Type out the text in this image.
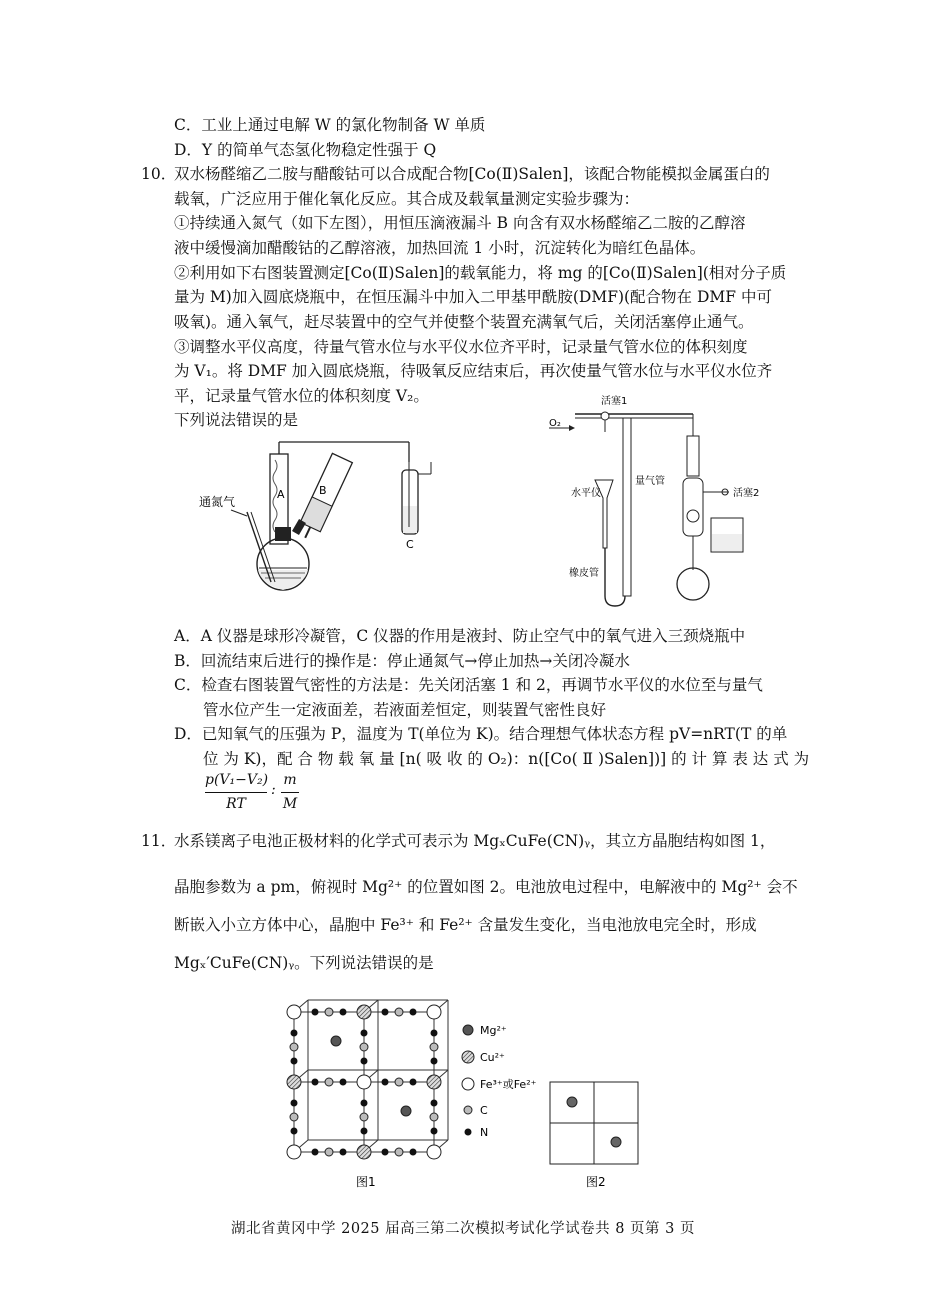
C．工业上通过电解 W 的氯化物制备 W 单质
D．Y 的简单气态氢化物稳定性强于 Q
10．
双水杨醛缩乙二胺与醋酸钴可以合成配合物[Co(Ⅱ)Salen]，该配合物能模拟金属蛋白的
载氧，广泛应用于催化氧化反应。其合成及载氧量测定实验步骤为：
①持续通入氮气（如下左图），用恒压滴液漏斗 B 向含有双水杨醛缩乙二胺的乙醇溶
液中缓慢滴加醋酸钴的乙醇溶液，加热回流 1 小时，沉淀转化为暗红色晶体。
②利用如下右图装置测定[Co(Ⅱ)Salen]的载氧能力，将 mg 的[Co(Ⅱ)Salen](相对分子质
量为 M)加入圆底烧瓶中，在恒压漏斗中加入二甲基甲酰胺(DMF)(配合物在 DMF 中可
吸氧)。通入氧气，赶尽装置中的空气并使整个装置充满氧气后，关闭活塞停止通气。
③调整水平仪高度，待量气管水位与水平仪水位齐平时，记录量气管水位的体积刻度
为 V₁。将 DMF 加入圆底烧瓶，待吸氧反应结束后，再次使量气管水位与水平仪水位齐
平，记录量气管水位的体积刻度 V₂。
下列说法错误的是
A	B
通氮气
C
活塞1
O₂
量气管
水平仪
橡皮管
活塞2
A．A 仪器是球形冷凝管，C 仪器的作用是液封、防止空气中的氧气进入三颈烧瓶中
B．回流结束后进行的操作是：停止通氮气→停止加热→关闭冷凝水
C．检查右图装置气密性的方法是：先关闭活塞 1 和 2，再调节水平仪的水位至与量气
管水位产生一定液面差，若液面差恒定，则装置气密性良好
D．已知氧气的压强为 P，温度为 T(单位为 K)。结合理想气体状态方程 pV=nRT(T 的单
位 为 K)，配 合 物 载 氧 量 [n( 吸 收 的 O₂)：n([Co( Ⅱ )Salen])] 的 计 算 表 达 式 为
p(V₁−V₂)
RT
:
m
M
11．
水系镁离子电池正极材料的化学式可表示为 MgₓCuFe(CN)ᵧ，其立方晶胞结构如图 1，
晶胞参数为 a pm，俯视时 Mg²⁺ 的位置如图 2。电池放电过程中，电解液中的 Mg²⁺ 会不
断嵌入小立方体中心，晶胞中 Fe³⁺ 和 Fe²⁺ 含量发生变化，当电池放电完全时，形成
Mgₓ′CuFe(CN)ᵧ。下列说法错误的是
图1
Mg²⁺
Cu²⁺
Fe³⁺或Fe²⁺
C
N
图2
湖北省黄冈中学 2025 届高三第二次模拟考试化学试卷共 8 页第 3 页
